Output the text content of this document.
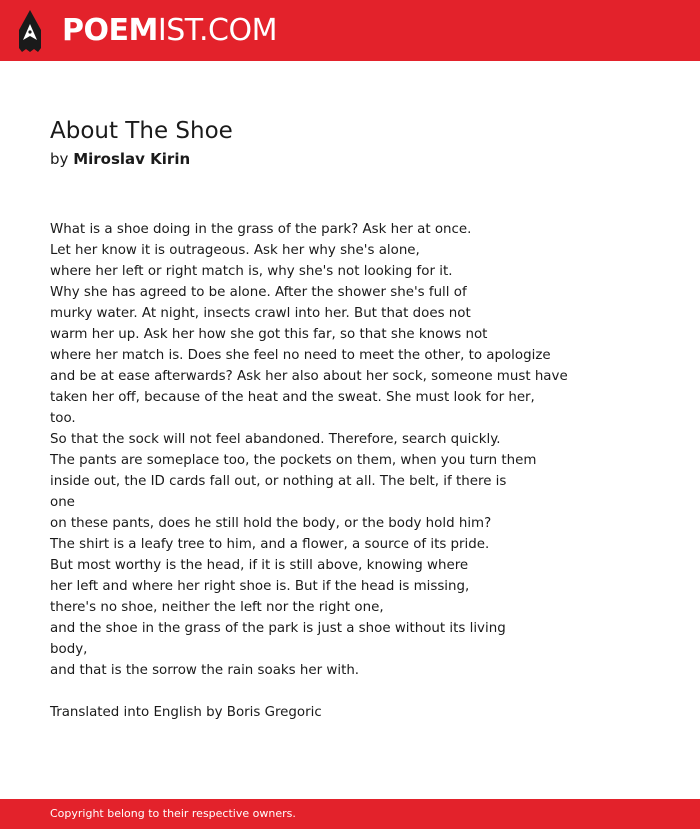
POEMIST.COM
About The Shoe
by Miroslav Kirin
What is a shoe doing in the grass of the park? Ask her at once.
Let her know it is outrageous. Ask her why she's alone,
where her left or right match is, why she's not looking for it.
Why she has agreed to be alone. After the shower she's full of
murky water. At night, insects crawl into her. But that does not
warm her up. Ask her how she got this far, so that she knows not
where her match is. Does she feel no need to meet the other, to apologize
and be at ease afterwards? Ask her also about her sock, someone must have
taken her off, because of the heat and the sweat. She must look for her,
too.
So that the sock will not feel abandoned. Therefore, search quickly.
The pants are someplace too, the pockets on them, when you turn them
inside out, the ID cards fall out, or nothing at all. The belt, if there is
one
on these pants, does he still hold the body, or the body hold him?
The shirt is a leafy tree to him, and a flower, a source of its pride.
But most worthy is the head, if it is still above, knowing where
her left and where her right shoe is. But if the head is missing,
there's no shoe, neither the left nor the right one,
and the shoe in the grass of the park is just a shoe without its living
body,
and that is the sorrow the rain soaks her with.
Translated into English by Boris Gregoric
Copyright belong to their respective owners.
